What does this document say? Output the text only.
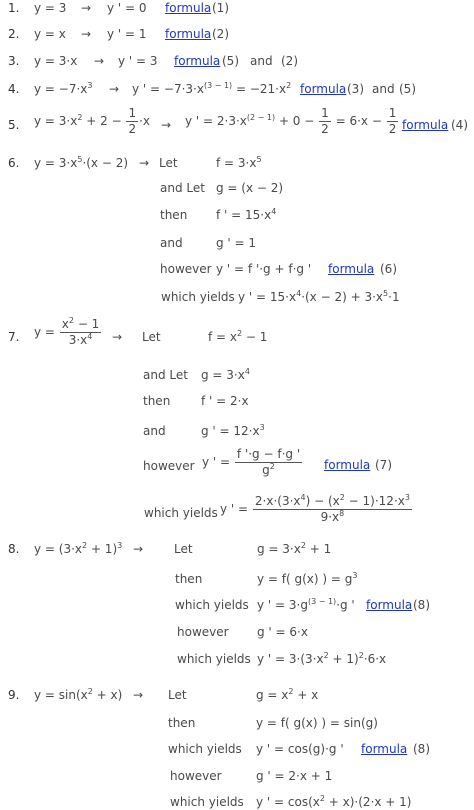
1. y = 3 → y ' = 0 formula (1)
2. y = x → y ' = 1 formula (2)
3. y = 3·x → y ' = 3 formula (5) and (2)
4. $y = -7\cdot x^3 \to y$ ' = $-7\cdot 3\cdot x^{(3 - 1)} = -21\cdot x^2$ formula (3) and (5)
5. $y = 3\cdot x^2 + 2 - \frac{1}{2} \cdot x \to y$ ' = $2\cdot 3\cdot x^{(2 - 1)} + 0 - \frac{1}{2} = 6\cdot x - \frac{1}{2}$ formula (4)
6. $y = 3\cdot x^5\cdot(x - 2)$ → Let	$f = 3\cdot x^5$
and Let g = (x − 2)
then f ' = $15\cdot x^4$
and	g ' = 1
however y ' = f '·g + f·g ' formula (6)
which yields y ' = $15\cdot x^4\cdot(x - 2) + 3\cdot x^5\cdot 1$
7. $y = \frac{x^2 - 1}{3\cdot x^4}$ → Let	$f = x^2 - 1$
and Let $g = 3\cdot x^4$
then	f ' = 2·x
and	g ' = $12\cdot x^3$
however y ' = $\frac{f '\cdot g - f\cdot g '}{g^2}$ formula (7)
which yields y ' = $\frac{2\cdot x\cdot(3\cdot x^4) - (x^2 - 1)\cdot 12\cdot x^3}{9\cdot x^8}$
8. $y = (3\cdot x^2 + 1)^3$ →	Let	$g = 3\cdot x^2 + 1$
then	y = f( g(x) ) = $g^3$
which yields y ' = $3\cdot g^{(3 - 1)}\cdot g$ ' formula (8)
however g ' = 6·x
which yields y ' = $3\cdot(3\cdot x^2 + 1)^2\cdot 6\cdot x$
9. $y = \sin(x^2 + x)$ → Let	$g = x^2 + x$
then	y = f( g(x) ) = sin(g)
which yields y ' = cos(g)·g ' formula (8)
however	g ' = 2·x + 1
which yields y ' = $\cos(x^2 + x)\cdot(2\cdot x + 1)$
